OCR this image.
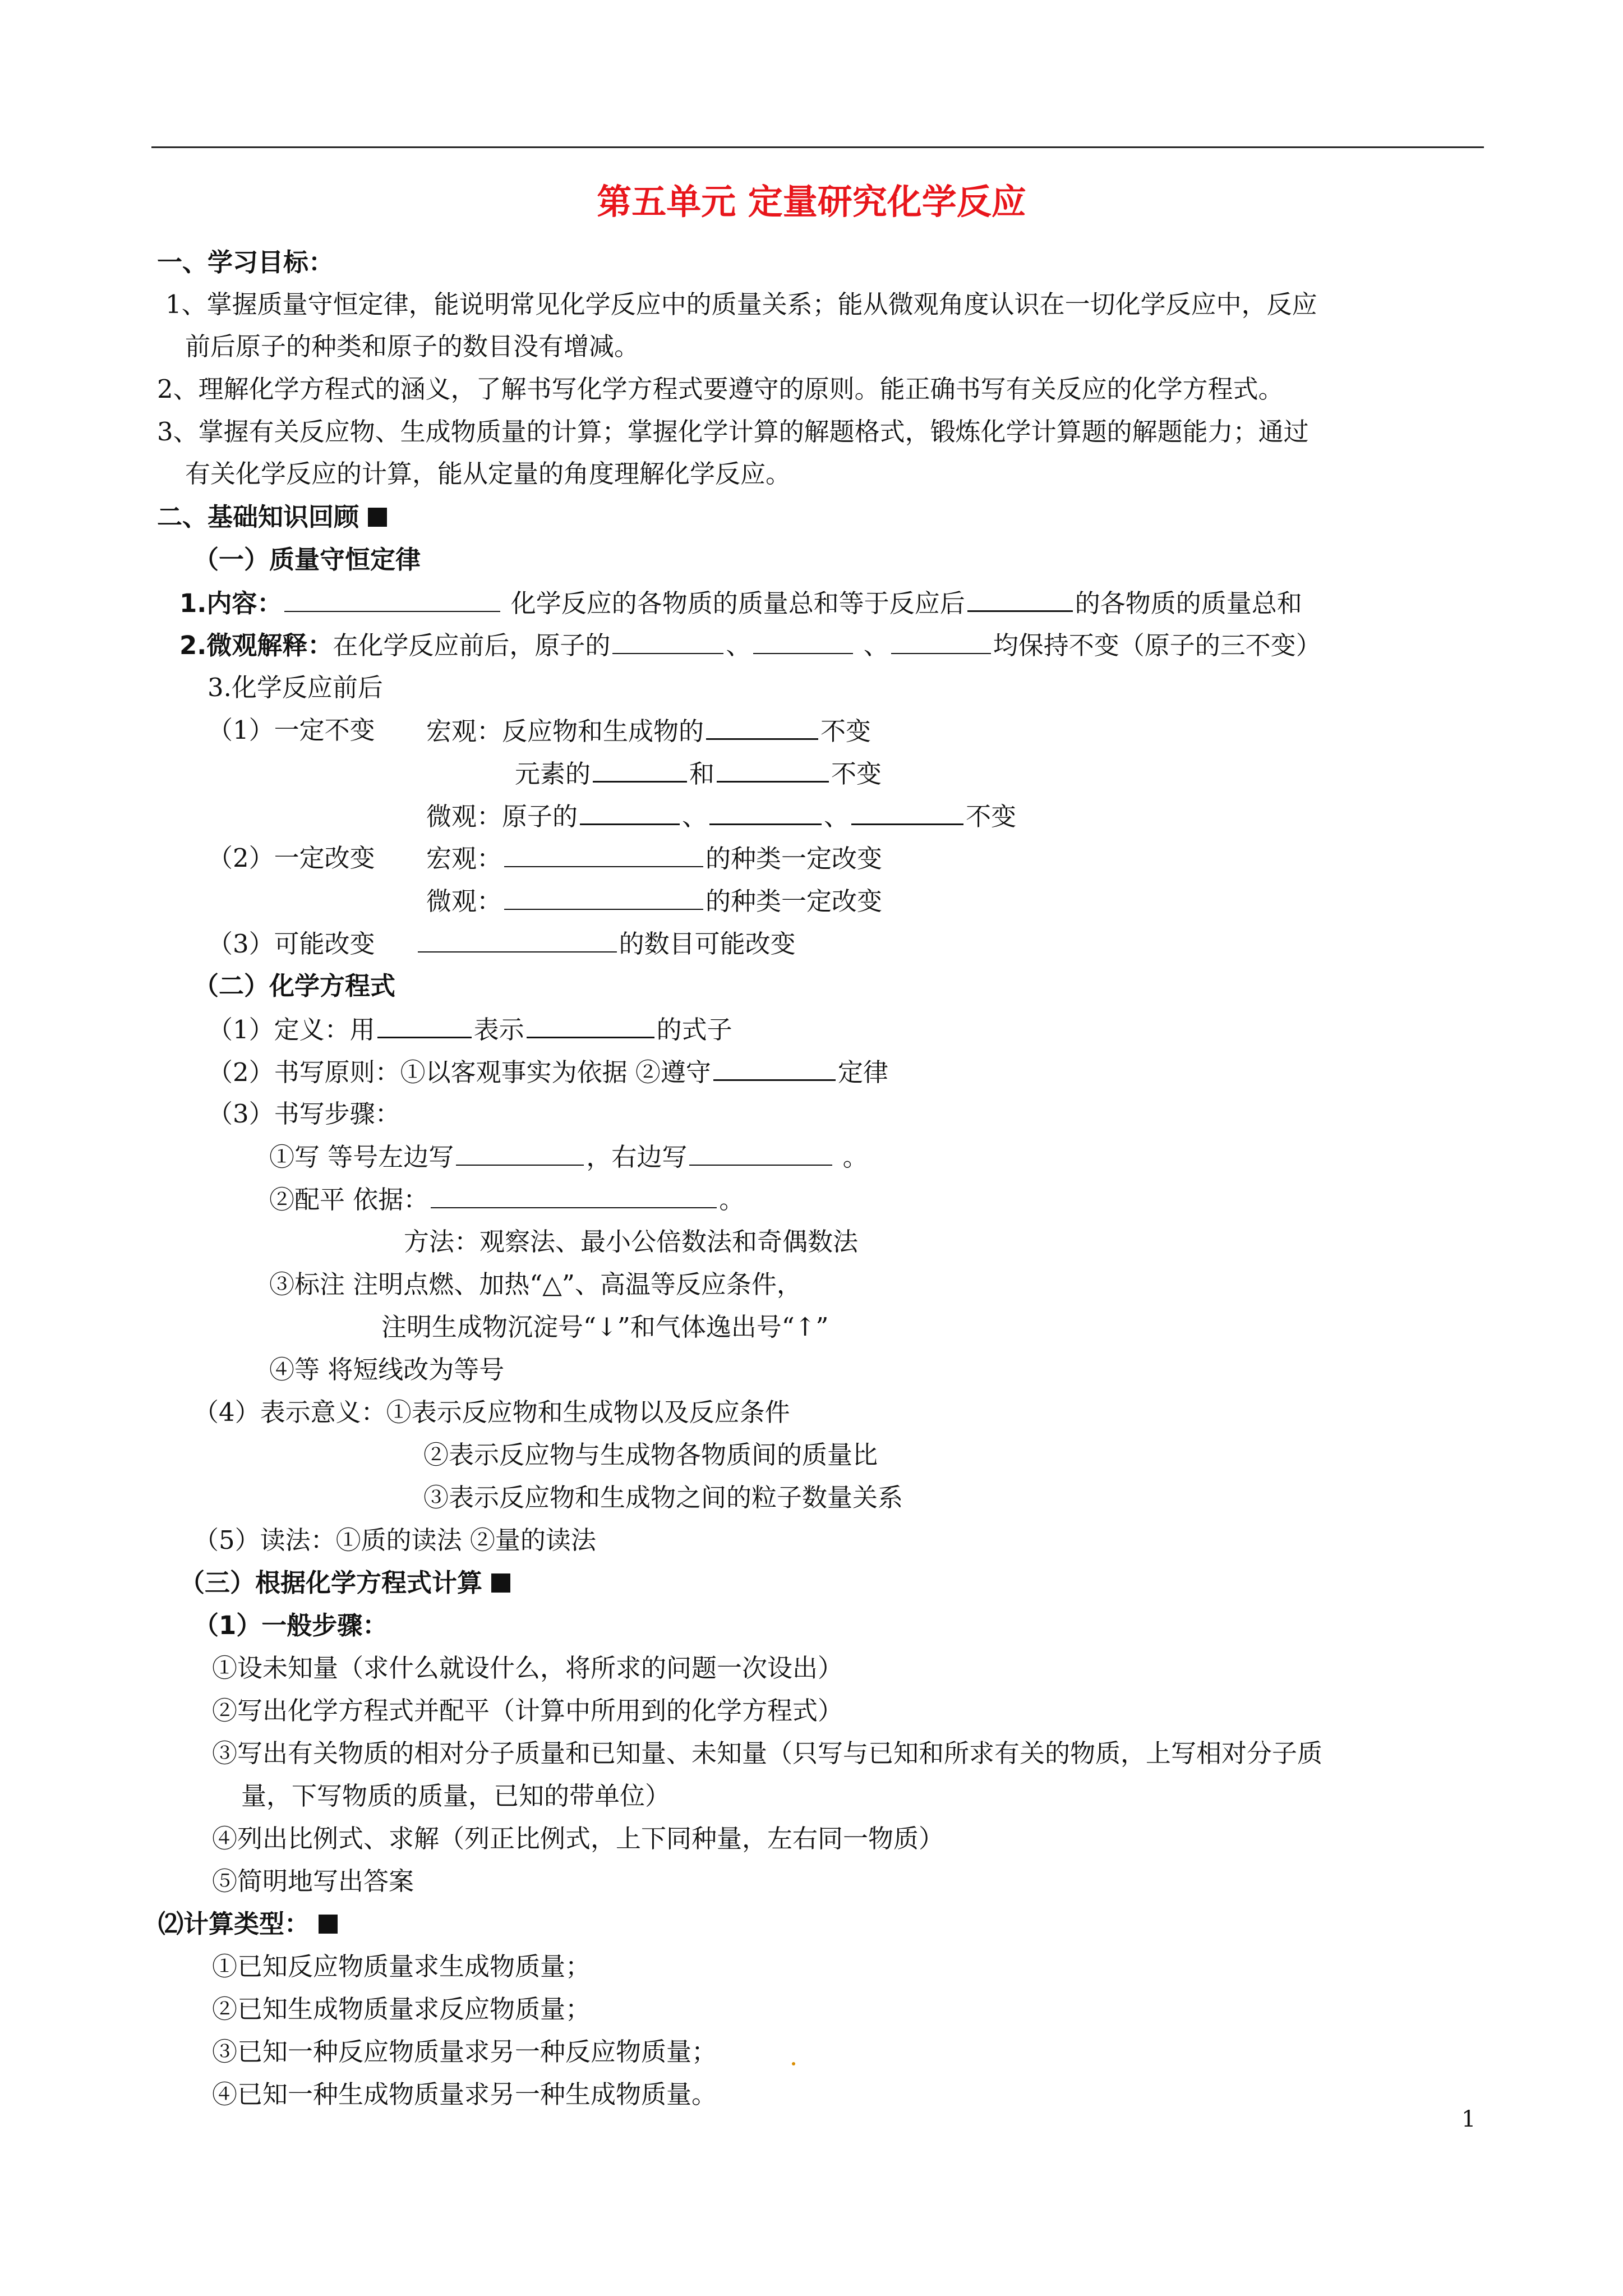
第五单元 定量研究化学反应
一、学习目标：
1、掌握质量守恒定律，能说明常见化学反应中的质量关系；能从微观角度认识在一切化学反应中，反应
前后原子的种类和原子的数目没有增减。
2、理解化学方程式的涵义，了解书写化学方程式要遵守的原则。能正确书写有关反应的化学方程式。
3、掌握有关反应物、生成物质量的计算；掌握化学计算的解题格式，锻炼化学计算题的解题能力；通过
有关化学反应的计算，能从定量的角度理解化学反应。
二、基础知识回顾
（一）质量守恒定律
1.内容：	化学反应的各物质的质量总和等于反应后	的各物质的质量总和
2.微观解释：在化学反应前后，原子的	、	、	均保持不变（原子的三不变）
3.化学反应前后
（1）一定不变 宏观：反应物和生成物的	不变
元素的	和	不变
微观：原子的	、	、	不变
（2）一定改变 宏观：	的种类一定改变
微观：	的种类一定改变
（3）可能改变	的数目可能改变
（二）化学方程式
（1）定义：用	表示	的式子
（2）书写原则：①以客观事实为依据 ②遵守	定律
（3）书写步骤：
①写 等号左边写	，右边写	。
②配平 依据：	。
方法：观察法、最小公倍数法和奇偶数法
③标注 注明点燃、加热“△”、高温等反应条件，
注明生成物沉淀号“↓”和气体逸出号“↑”
④等 将短线改为等号
（4）表示意义：①表示反应物和生成物以及反应条件
②表示反应物与生成物各物质间的质量比
③表示反应物和生成物之间的粒子数量关系
（5）读法：①质的读法 ②量的读法
（三）根据化学方程式计算
（1）一般步骤：
①设未知量（求什么就设什么，将所求的问题一次设出）
②写出化学方程式并配平（计算中所用到的化学方程式）
③写出有关物质的相对分子质量和已知量、未知量（只写与已知和所求有关的物质，上写相对分子质
量，下写物质的质量，已知的带单位）
④列出比例式、求解（列正比例式，上下同种量，左右同一物质）
⑤简明地写出答案
⑵计算类型：
①已知反应物质量求生成物质量；
②已知生成物质量求反应物质量；
③已知一种反应物质量求另一种反应物质量；
④已知一种生成物质量求另一种生成物质量。
1
